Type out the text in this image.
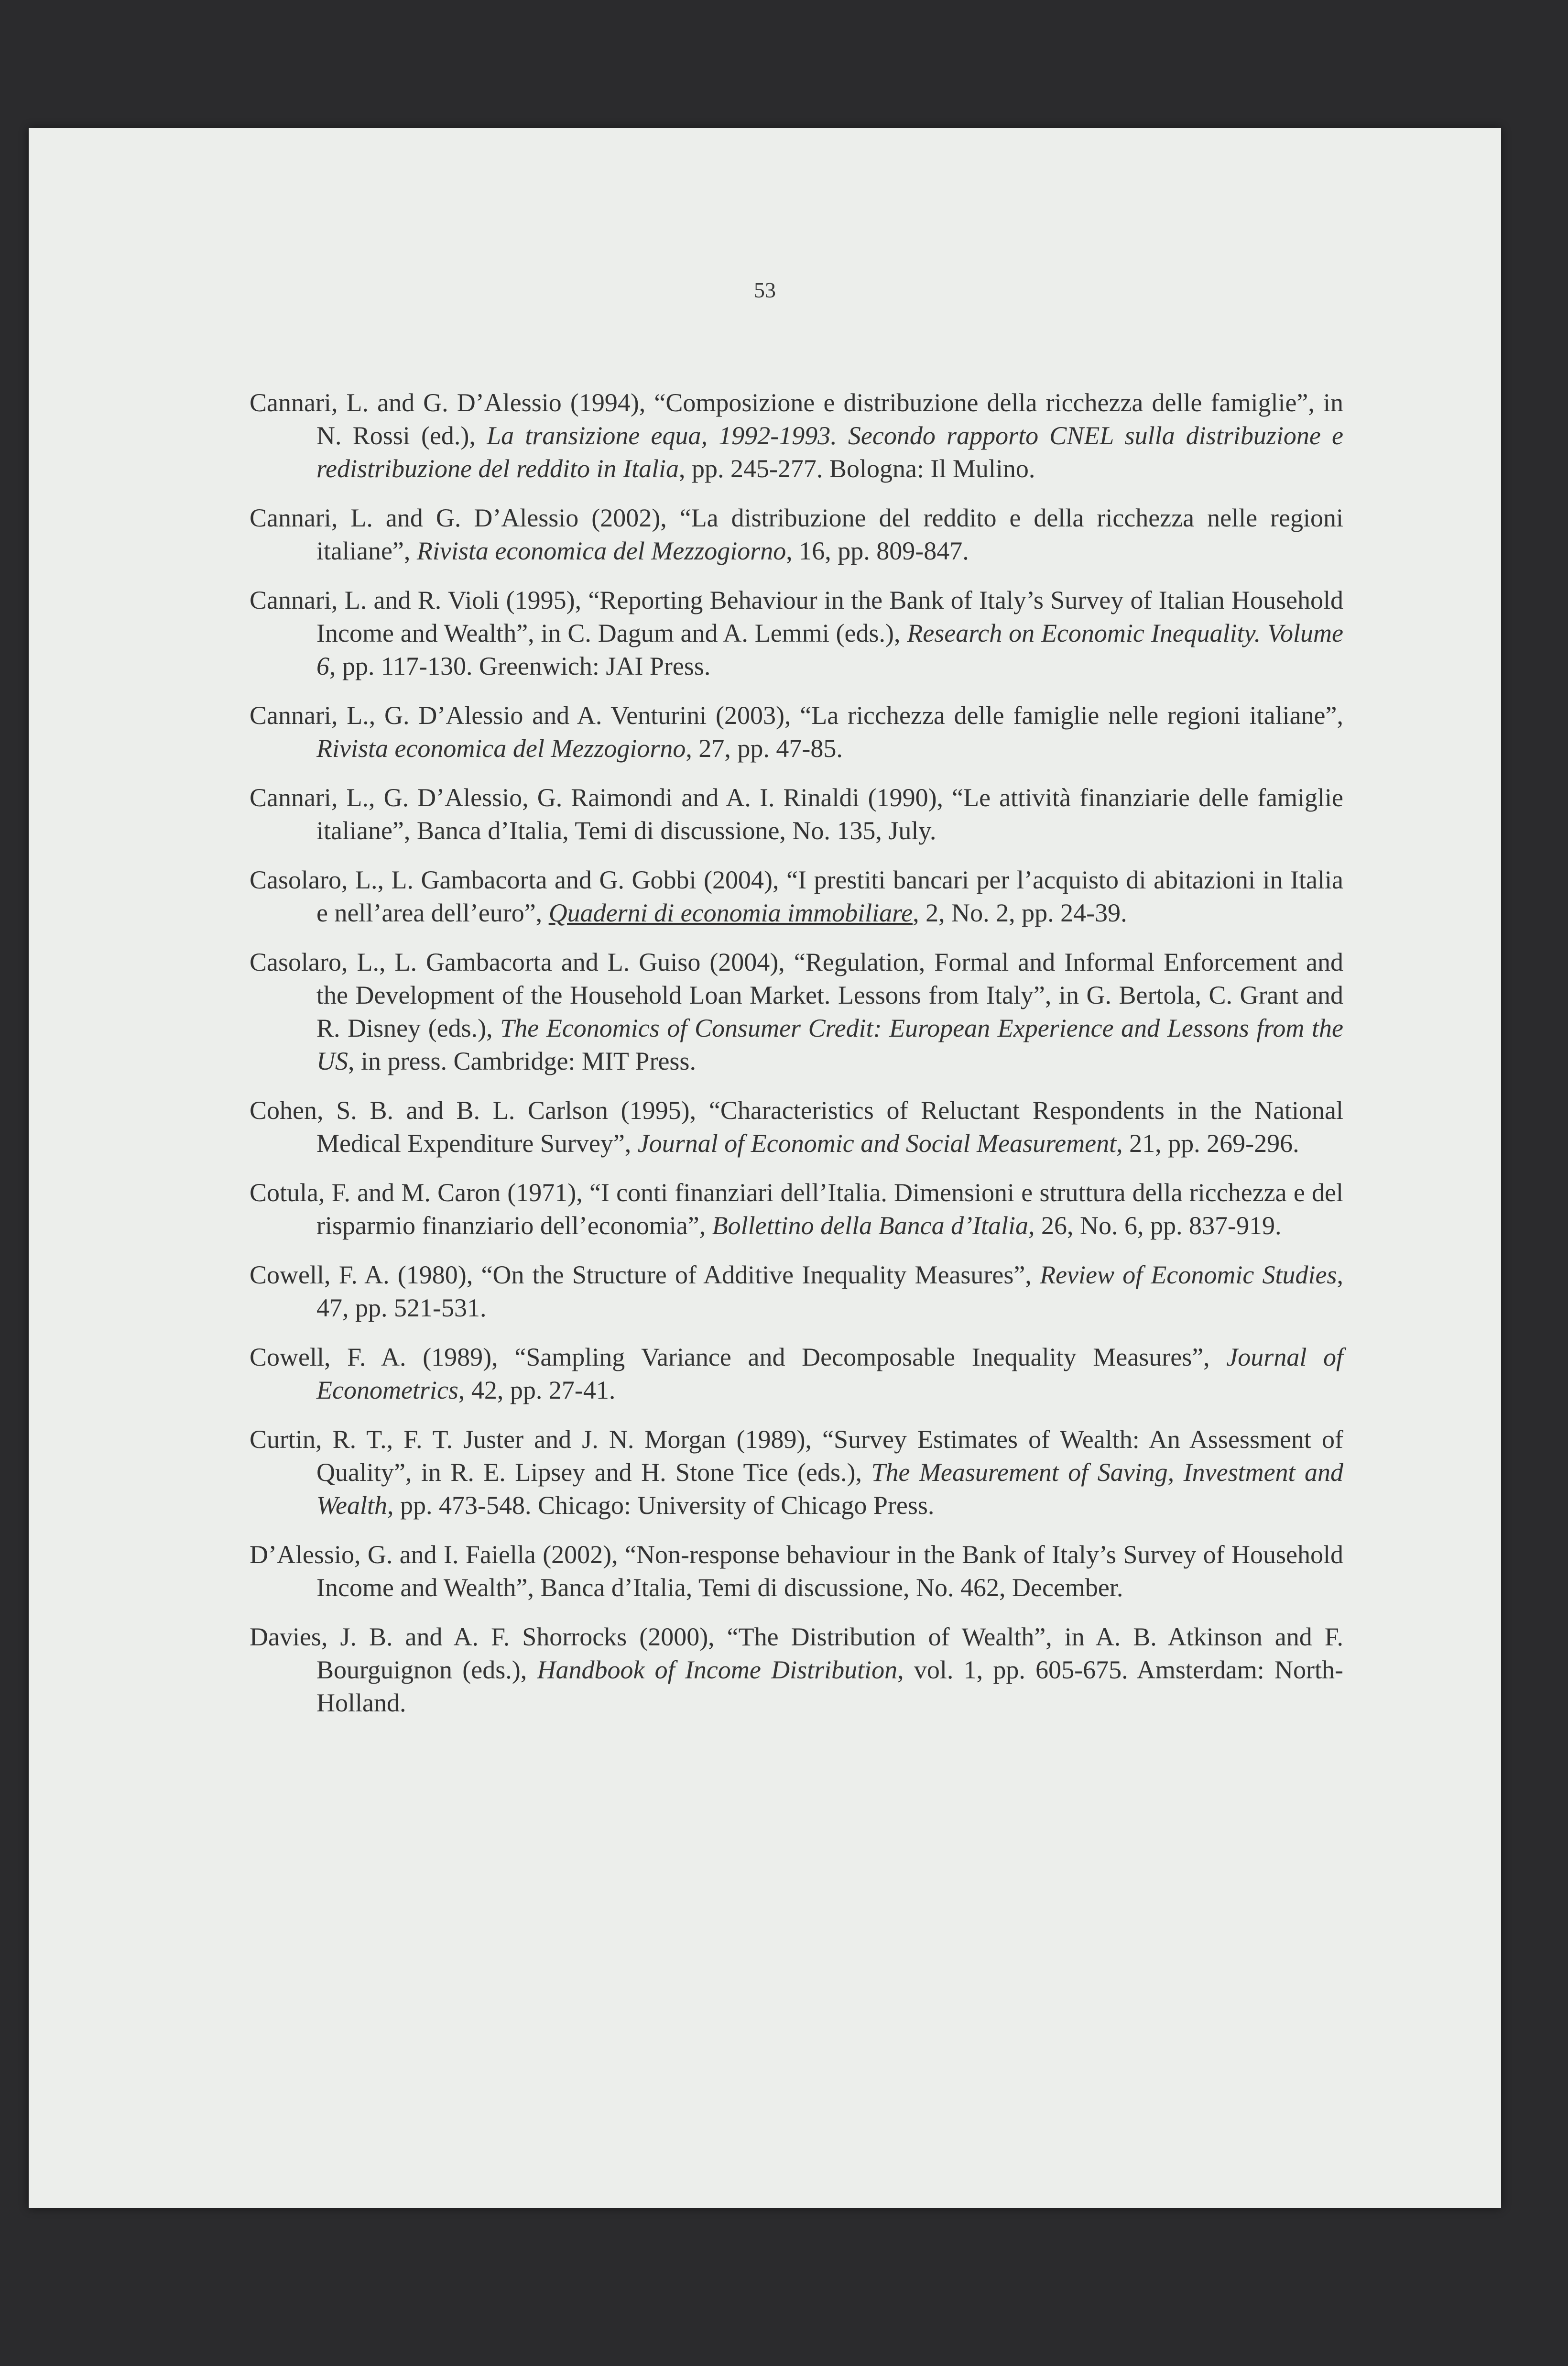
53

Cannari, L. and G. D’Alessio (1994), “Composizione e distribuzione della ricchezza delle famiglie”, in N. Rossi (ed.), La transizione equa, 1992-1993. Secondo rapporto CNEL sulla distribuzione e redistribuzione del reddito in Italia, pp. 245-277. Bologna: Il Mulino.

Cannari, L. and G. D’Alessio (2002), “La distribuzione del reddito e della ricchezza nelle regioni italiane”, Rivista economica del Mezzogiorno, 16, pp. 809-847.

Cannari, L. and R. Violi (1995), “Reporting Behaviour in the Bank of Italy’s Survey of Italian Household Income and Wealth”, in C. Dagum and A. Lemmi (eds.), Research on Economic Inequality. Volume 6, pp. 117-130. Greenwich: JAI Press.

Cannari, L., G. D’Alessio and A. Venturini (2003), “La ricchezza delle famiglie nelle regioni italiane”, Rivista economica del Mezzogiorno, 27, pp. 47-85.

Cannari, L., G. D’Alessio, G. Raimondi and A. I. Rinaldi (1990), “Le attività finanziarie delle famiglie italiane”, Banca d’Italia, Temi di discussione, No. 135, July.

Casolaro, L., L. Gambacorta and G. Gobbi (2004), “I prestiti bancari per l’acquisto di abitazioni in Italia e nell’area dell’euro”, Quaderni di economia immobiliare, 2, No. 2, pp. 24-39.

Casolaro, L., L. Gambacorta and L. Guiso (2004), “Regulation, Formal and Informal Enforcement and the Development of the Household Loan Market. Lessons from Italy”, in G. Bertola, C. Grant and R. Disney (eds.), The Economics of Consumer Credit: European Experience and Lessons from the US, in press. Cambridge: MIT Press.

Cohen, S. B. and B. L. Carlson (1995), “Characteristics of Reluctant Respondents in the National Medical Expenditure Survey”, Journal of Economic and Social Measurement, 21, pp. 269-296.

Cotula, F. and M. Caron (1971), “I conti finanziari dell’Italia. Dimensioni e struttura della ricchezza e del risparmio finanziario dell’economia”, Bollettino della Banca d’Italia, 26, No. 6, pp. 837-919.

Cowell, F. A. (1980), “On the Structure of Additive Inequality Measures”, Review of Economic Studies, 47, pp. 521-531.

Cowell, F. A. (1989), “Sampling Variance and Decomposable Inequality Measures”, Journal of Econometrics, 42, pp. 27-41.

Curtin, R. T., F. T. Juster and J. N. Morgan (1989), “Survey Estimates of Wealth: An Assessment of Quality”, in R. E. Lipsey and H. Stone Tice (eds.), The Measurement of Saving, Investment and Wealth, pp. 473-548. Chicago: University of Chicago Press.

D’Alessio, G. and I. Faiella (2002), “Non-response behaviour in the Bank of Italy’s Survey of Household Income and Wealth”, Banca d’Italia, Temi di discussione, No. 462, December.

Davies, J. B. and A. F. Shorrocks (2000), “The Distribution of Wealth”, in A. B. Atkinson and F. Bourguignon (eds.), Handbook of Income Distribution, vol. 1, pp. 605-675. Amsterdam: North-Holland.
